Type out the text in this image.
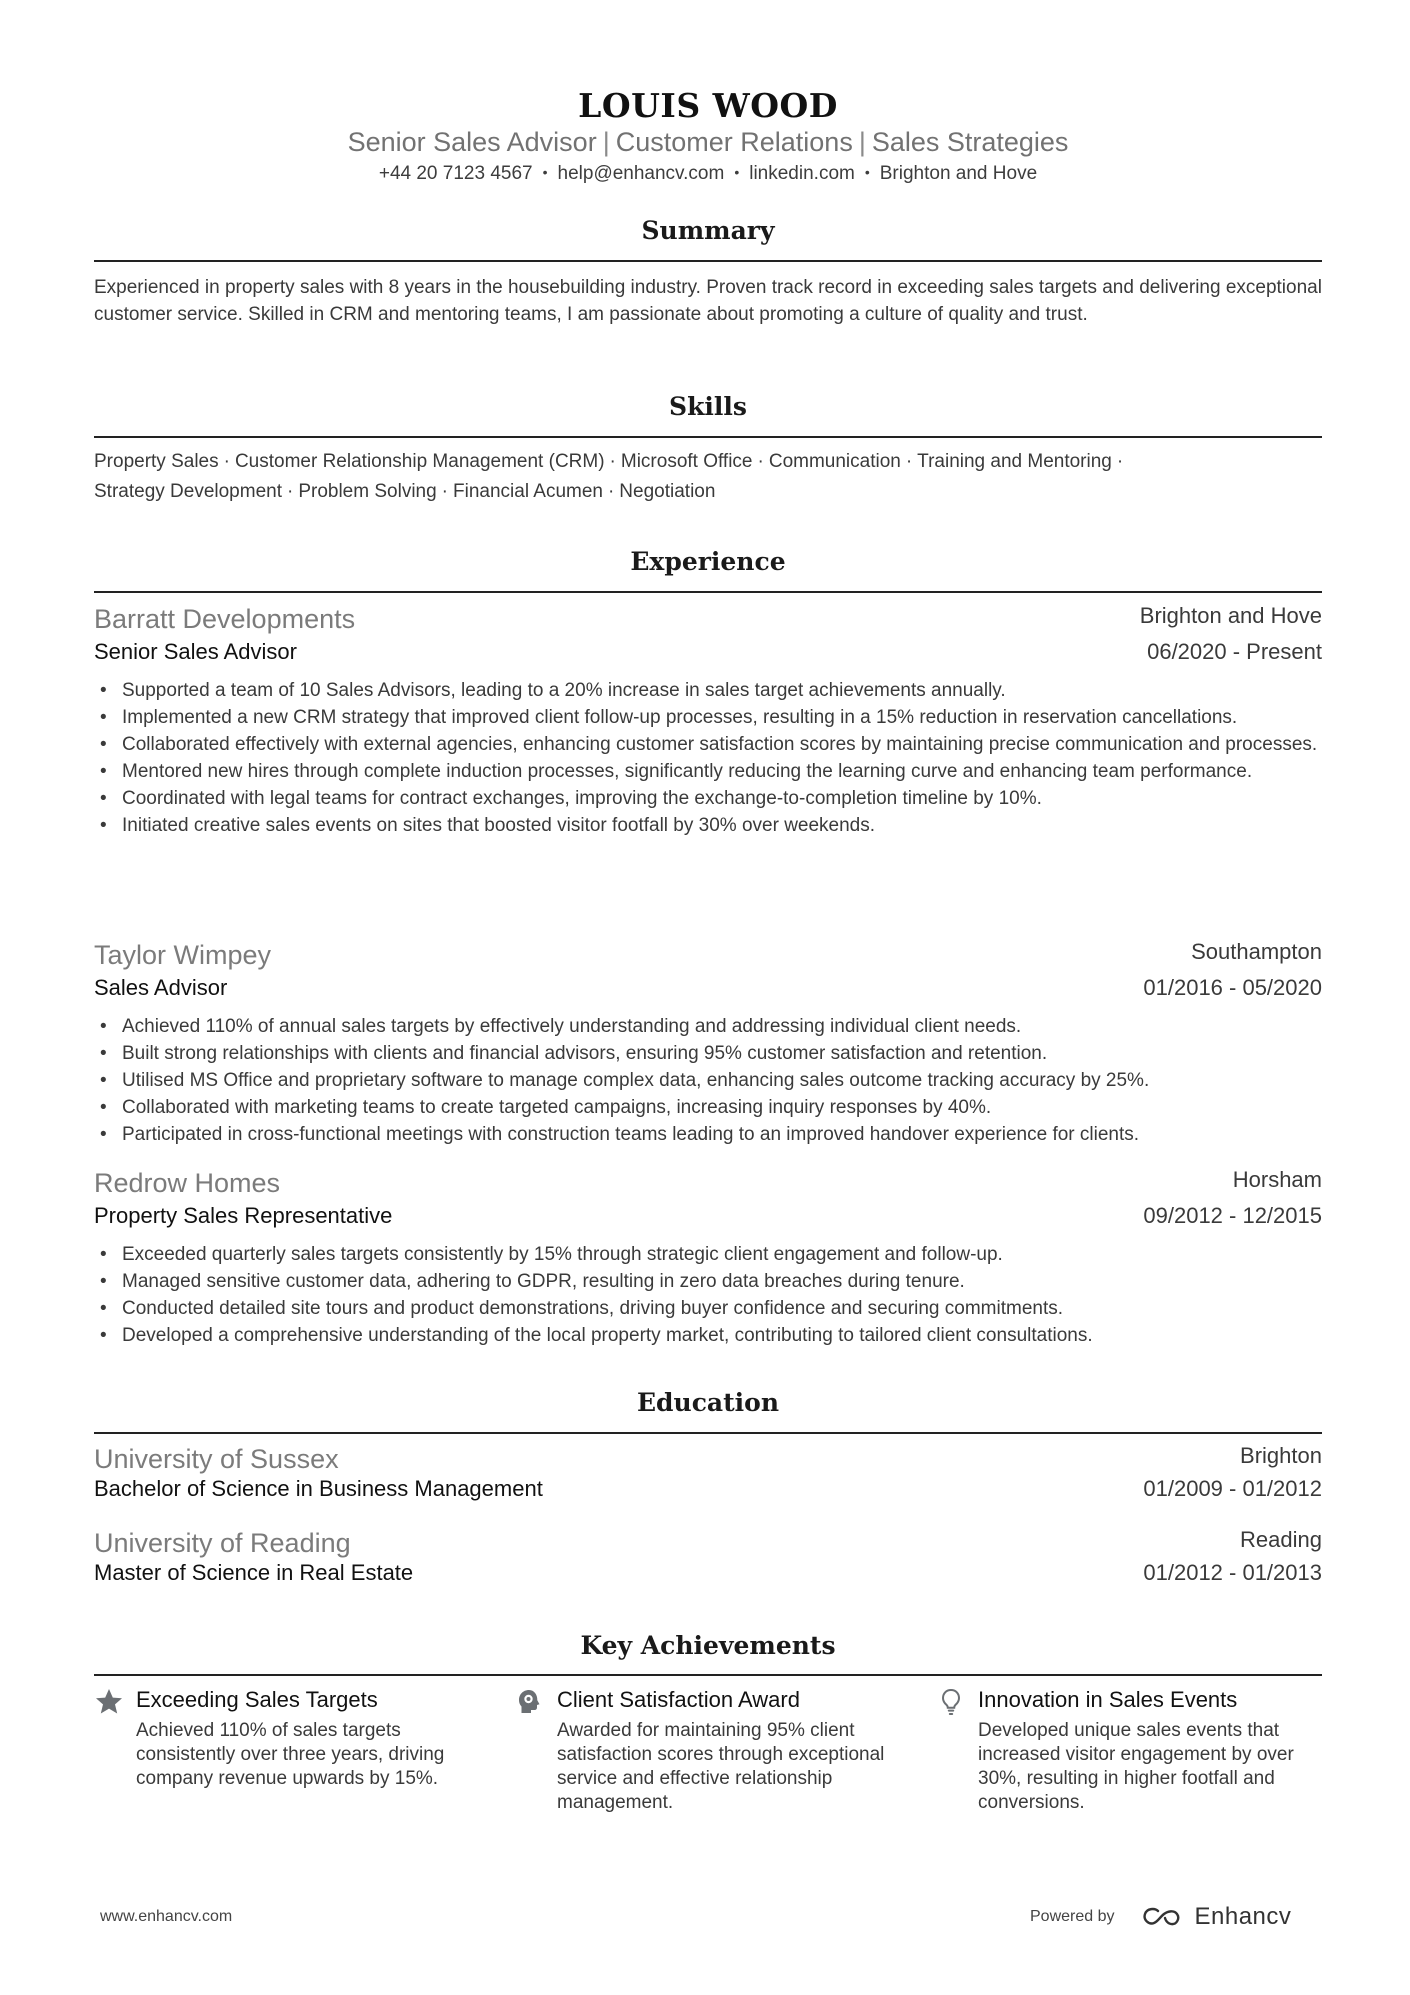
LOUIS WOOD
Senior Sales Advisor | Customer Relations | Sales Strategies
+44 20 7123 4567 • help@enhancv.com • linkedin.com • Brighton and Hove
Summary
Experienced in property sales with 8 years in the housebuilding industry. Proven track record in exceeding sales targets and delivering exceptional customer service. Skilled in CRM and mentoring teams, I am passionate about promoting a culture of quality and trust.
Skills
Property Sales · Customer Relationship Management (CRM) · Microsoft Office · Communication · Training and Mentoring ·
Strategy Development · Problem Solving · Financial Acumen · Negotiation
Experience
Barratt Developments	Brighton and Hove
Senior Sales Advisor	06/2020 - Present
• Supported a team of 10 Sales Advisors, leading to a 20% increase in sales target achievements annually.
• Implemented a new CRM strategy that improved client follow-up processes, resulting in a 15% reduction in reservation cancellations.
• Collaborated effectively with external agencies, enhancing customer satisfaction scores by maintaining precise communication and processes.
• Mentored new hires through complete induction processes, significantly reducing the learning curve and enhancing team performance.
• Coordinated with legal teams for contract exchanges, improving the exchange-to-completion timeline by 10%.
• Initiated creative sales events on sites that boosted visitor footfall by 30% over weekends.
Taylor Wimpey	Southampton
Sales Advisor	01/2016 - 05/2020
• Achieved 110% of annual sales targets by effectively understanding and addressing individual client needs.
• Built strong relationships with clients and financial advisors, ensuring 95% customer satisfaction and retention.
• Utilised MS Office and proprietary software to manage complex data, enhancing sales outcome tracking accuracy by 25%.
• Collaborated with marketing teams to create targeted campaigns, increasing inquiry responses by 40%.
• Participated in cross-functional meetings with construction teams leading to an improved handover experience for clients.
Redrow Homes	Horsham
Property Sales Representative	09/2012 - 12/2015
• Exceeded quarterly sales targets consistently by 15% through strategic client engagement and follow-up.
• Managed sensitive customer data, adhering to GDPR, resulting in zero data breaches during tenure.
• Conducted detailed site tours and product demonstrations, driving buyer confidence and securing commitments.
• Developed a comprehensive understanding of the local property market, contributing to tailored client consultations.
Education
University of Sussex	Brighton
Bachelor of Science in Business Management	01/2009 - 01/2012
University of Reading	Reading
Master of Science in Real Estate	01/2012 - 01/2013
Key Achievements
Exceeding Sales Targets
Achieved 110% of sales targets consistently over three years, driving company revenue upwards by 15%.
Client Satisfaction Award
Awarded for maintaining 95% client satisfaction scores through exceptional service and effective relationship management.
Innovation in Sales Events
Developed unique sales events that increased visitor engagement by over 30%, resulting in higher footfall and conversions.
www.enhancv.com	Powered by	Enhancv
